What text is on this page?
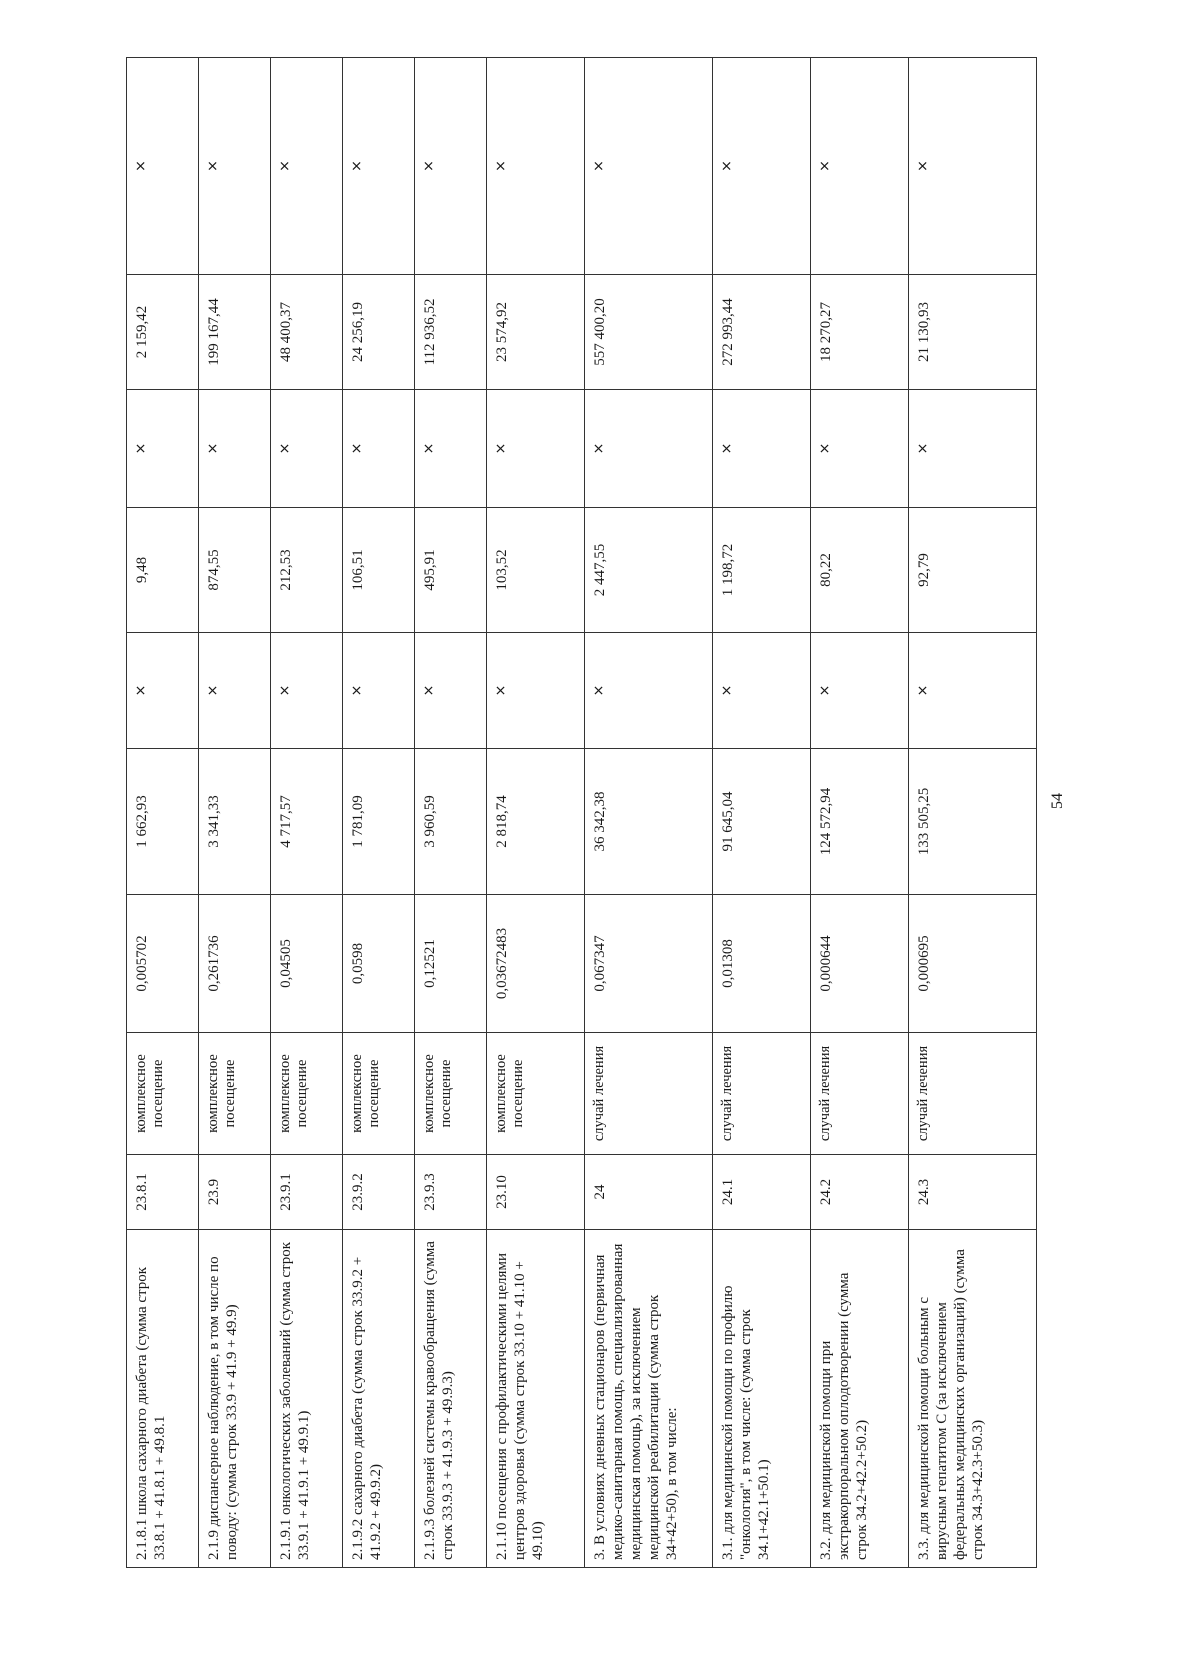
2.1.8.1 школа сахарного диабета (сумма строк 33.8.1 + 41.8.1 + 49.8.1	23.8.1	комплексное посещение	0,005702	1 662,93	×	9,48	×	2 159,42	×
2.1.9 диспансерное наблюдение, в том числе по поводу: (сумма строк 33.9 + 41.9 + 49.9)	23.9	комплексное посещение	0,261736	3 341,33	×	874,55	×	199 167,44	×
2.1.9.1 онкологических заболеваний (сумма строк 33.9.1 + 41.9.1 + 49.9.1)	23.9.1	комплексное посещение	0,04505	4 717,57	×	212,53	×	48 400,37	×
2.1.9.2 сахарного диабета (сумма строк 33.9.2 + 41.9.2 + 49.9.2)	23.9.2	комплексное посещение	0,0598	1 781,09	×	106,51	×	24 256,19	×
2.1.9.3 болезней системы кравообращения (сумма строк 33.9.3 + 41.9.3 + 49.9.3)	23.9.3	комплексное посещение	0,12521	3 960,59	×	495,91	×	112 936,52	×
2.1.10 посещения с профилактическими целями центров здоровья (сумма строк 33.10 + 41.10 + 49.10)	23.10	комплексное посещение	0,03672483	2 818,74	×	103,52	×	23 574,92	×
3. В условиях дневных стационаров (первичная медико-санитарная помощь, специализированная медицинская помощь), за исключением медицинской реабилитации (сумма строк 34+42+50), в том числе:	24	случай лечения	0,067347	36 342,38	×	2 447,55	×	557 400,20	×
3.1. для медицинской помощи по профилю "онкология", в том числе: (сумма строк 34.1+42.1+50.1)	24.1	случай лечения	0,01308	91 645,04	×	1 198,72	×	272 993,44	×
3.2. для медицинской помощи при экстракорпоральном оплодотворении (сумма строк 34.2+42.2+50.2)	24.2	случай лечения	0,000644	124 572,94	×	80,22	×	18 270,27	×
3.3. для медицинской помощи больным с вирусным гепатитом С (за исключением федеральных медицинских организаций) (сумма строк 34.3+42.3+50.3)	24.3	случай лечения	0,000695	133 505,25	×	92,79	×	21 130,93	×
54
